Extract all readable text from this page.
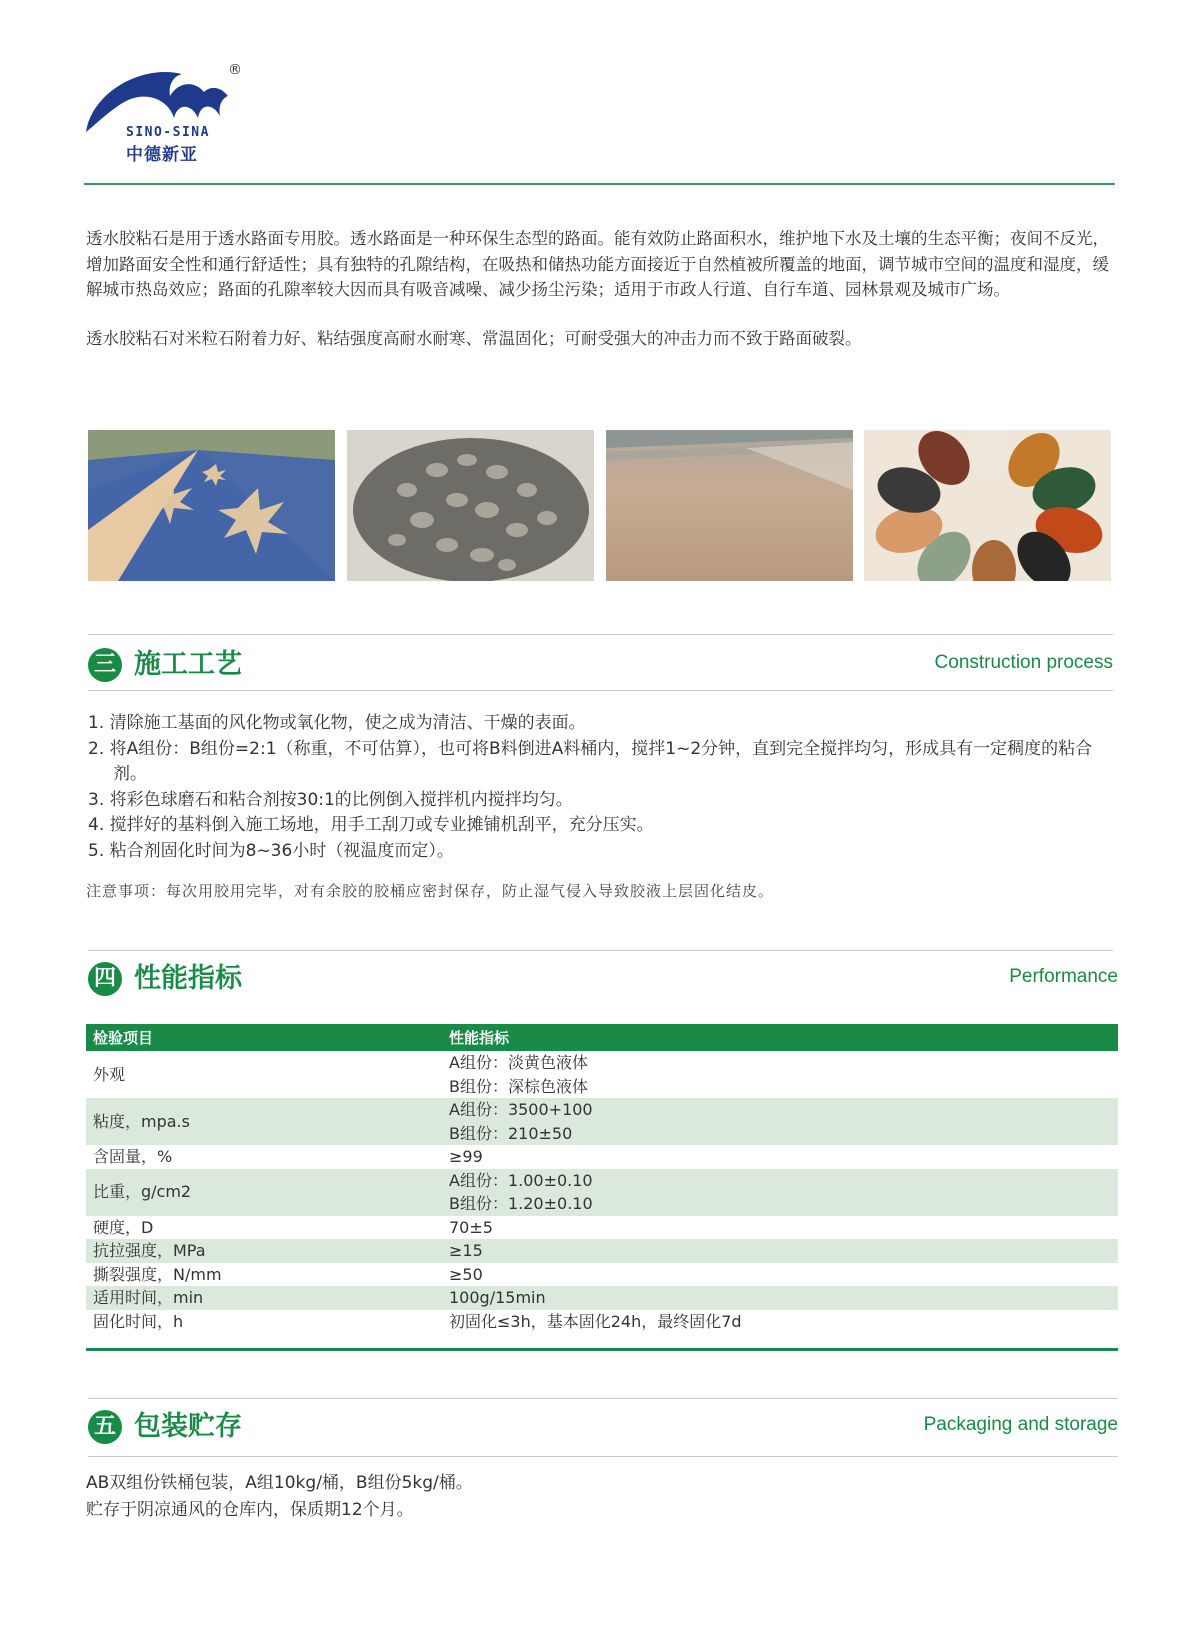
®
SINO-SINA
中德新亚

透水胶粘石是用于透水路面专用胶。透水路面是一种环保生态型的路面。能有效防止路面积水，维护地下水及土壤的生态平衡；夜间不反光，增加路面安全性和通行舒适性；具有独特的孔隙结构，在吸热和储热功能方面接近于自然植被所覆盖的地面，调节城市空间的温度和湿度，缓解城市热岛效应；路面的孔隙率较大因而具有吸音减噪、减少扬尘污染；适用于市政人行道、自行车道、园林景观及城市广场。

透水胶粘石对米粒石附着力好、粘结强度高耐水耐寒、常温固化；可耐受强大的冲击力而不致于路面破裂。

三 施工工艺	Construction process
1. 清除施工基面的风化物或氧化物，使之成为清洁、干燥的表面。
2. 将A组份：B组份=2:1（称重，不可估算），也可将B料倒进A料桶内，搅拌1~2分钟，直到完全搅拌均匀，形成具有一定稠度的粘合剂。
3. 将彩色球磨石和粘合剂按30:1的比例倒入搅拌机内搅拌均匀。
4. 搅拌好的基料倒入施工场地，用手工刮刀或专业摊铺机刮平，充分压实。
5. 粘合剂固化时间为8~36小时（视温度而定）。
注意事项：每次用胶用完毕，对有余胶的胶桶应密封保存，防止湿气侵入导致胶液上层固化结皮。
四 性能指标	Performance
检验项目	性能指标
外观	A组份：淡黄色液体
B组份：深棕色液体

粘度，mpa.s	A组份：3500+100
B组份：210±50

含固量，%	≥99
比重，g/cm2	A组份：1.00±0.10
B组份：1.20±0.10

硬度，D	70±5
抗拉强度，MPa	≥15
撕裂强度，N/mm	≥50
适用时间，min	100g/15min
固化时间，h	初固化≤3h，基本固化24h，最终固化7d
五 包装贮存	Packaging and storage
AB双组份铁桶包装，A组10kg/桶，B组份5kg/桶。
贮存于阴凉通风的仓库内，保质期12个月。
